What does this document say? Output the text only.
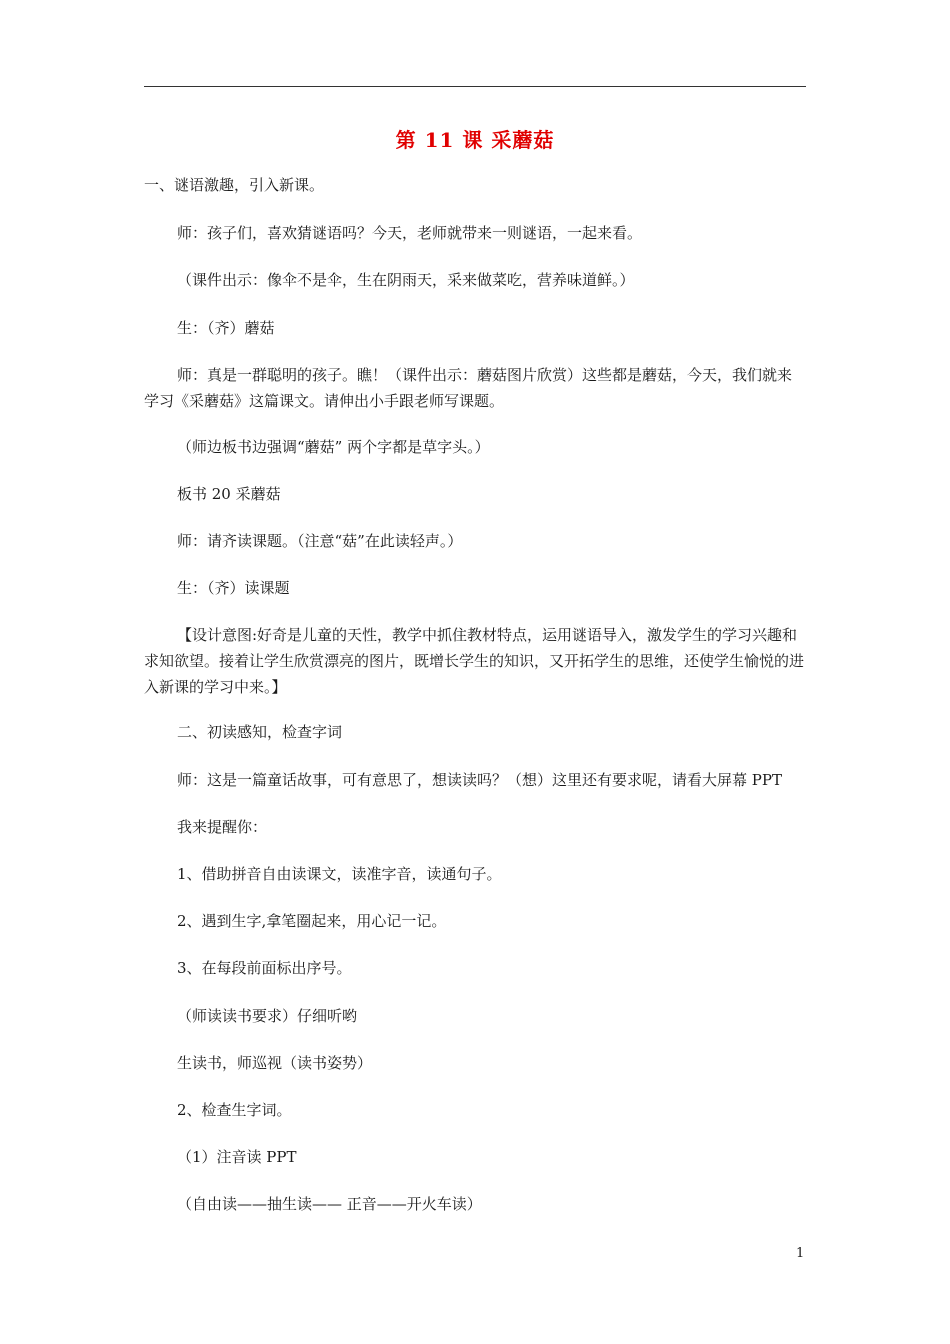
第 11 课 采蘑菇
一、谜语激趣，引入新课。
师：孩子们，喜欢猜谜语吗？今天，老师就带来一则谜语，一起来看。
（课件出示：像伞不是伞，生在阴雨天，采来做菜吃，营养味道鲜。）
生：（齐）蘑菇
师：真是一群聪明的孩子。瞧！（课件出示：蘑菇图片欣赏）这些都是蘑菇，今天，我们就来学习《采蘑菇》这篇课文。请伸出小手跟老师写课题。
（师边板书边强调“蘑菇” 两个字都是草字头。）
板书 20 采蘑菇
师：请齐读课题。（注意“菇”在此读轻声。）
生：（齐）读课题
【设计意图:好奇是儿童的天性，教学中抓住教材特点，运用谜语导入，激发学生的学习兴趣和求知欲望。接着让学生欣赏漂亮的图片，既增长学生的知识，又开拓学生的思维，还使学生愉悦的进入新课的学习中来。】
二、初读感知，检查字词
师：这是一篇童话故事，可有意思了，想读读吗？（想）这里还有要求呢，请看大屏幕 PPT
我来提醒你：
1、借助拼音自由读课文，读准字音，读通句子。
2、遇到生字,拿笔圈起来，用心记一记。
3、在每段前面标出序号。
（师读读书要求）仔细听哟
生读书，师巡视（读书姿势）
2、检查生字词。
（1）注音读 PPT
（自由读——抽生读—— 正音——开火车读）
1
